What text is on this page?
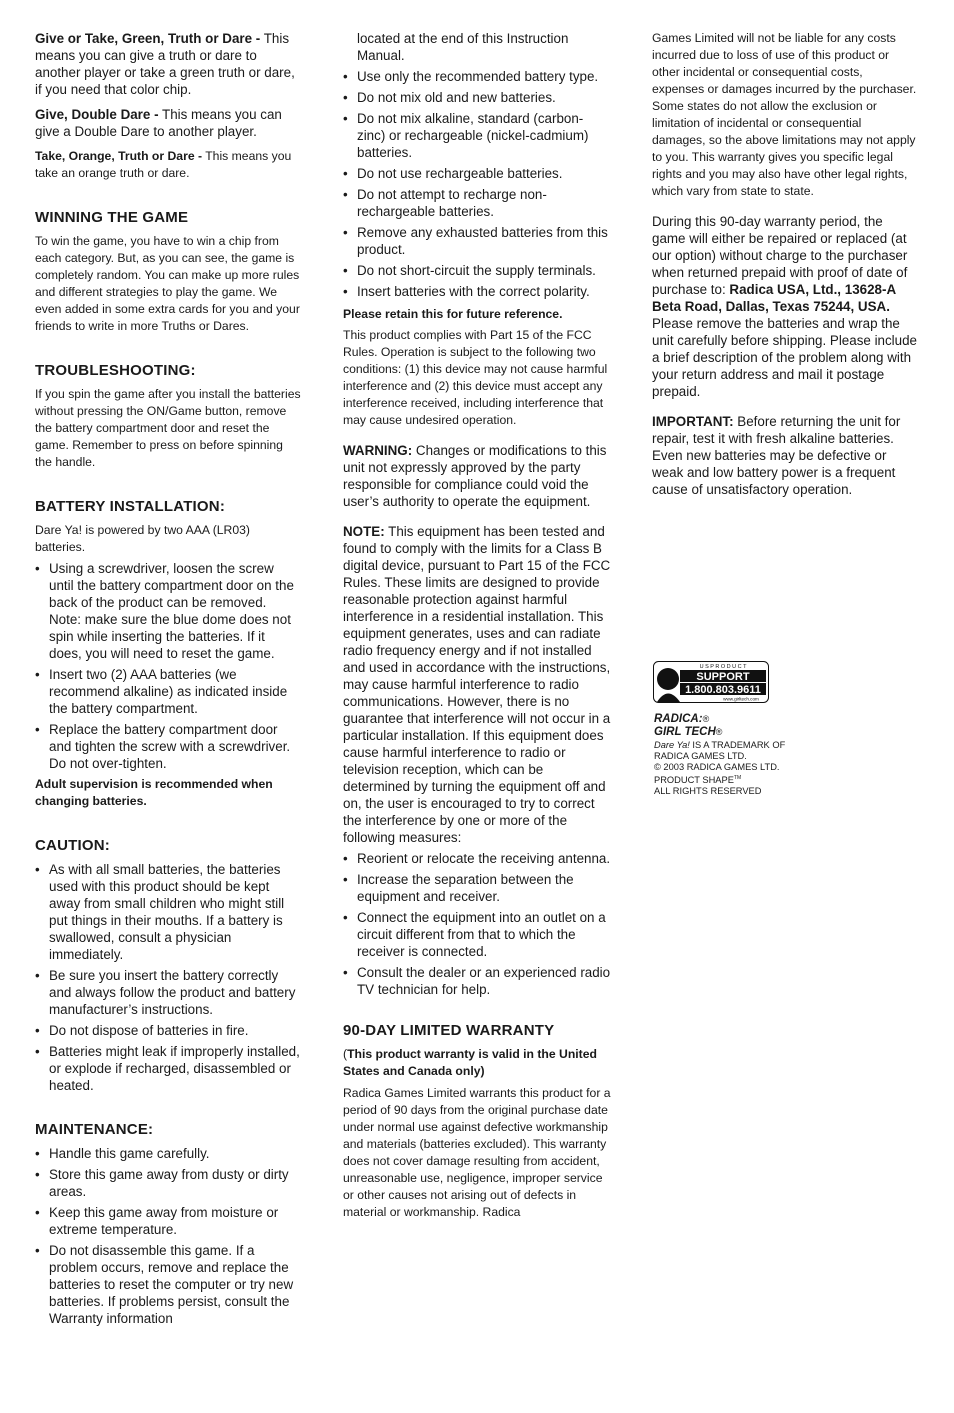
Give or Take, Green, Truth or Dare - This means you can give a truth or dare to another player or take a green truth or dare, if you need that color chip.

Give, Double Dare - This means you can give a Double Dare to another player.

Take, Orange, Truth or Dare - This means you take an orange truth or dare.

WINNING THE GAME

To win the game, you have to win a chip from each category. But, as you can see, the game is completely random. You can make up more rules and different strategies to play the game. We even added in some extra cards for you and your friends to write in more Truths or Dares.

TROUBLESHOOTING:

If you spin the game after you install the batteries without pressing the ON/Game button, remove the battery compartment door and reset the game. Remember to press on before spinning the handle.

BATTERY INSTALLATION:

Dare Ya! is powered by two AAA (LR03) batteries.

• Using a screwdriver, loosen the screw until the battery compartment door on the back of the product can be removed. Note: make sure the blue dome does not spin while inserting the batteries. If it does, you will need to reset the game.
• Insert two (2) AAA batteries (we recommend alkaline) as indicated inside the battery compartment.
• Replace the battery compartment door and tighten the screw with a screwdriver. Do not over-tighten.

Adult supervision is recommended when changing batteries.

CAUTION:
• As with all small batteries, the batteries used with this product should be kept away from small children who might still put things in their mouths. If a battery is swallowed, consult a physician immediately.
• Be sure you insert the battery correctly and always follow the product and battery manufacturer’s instructions.
• Do not dispose of batteries in fire.
• Batteries might leak if improperly installed, or explode if recharged, disassembled or heated.
MAINTENANCE:
• Handle this game carefully.
• Store this game away from dusty or dirty areas.
• Keep this game away from moisture or extreme temperature.
• Do not disassemble this game. If a problem occurs, remove and replace the batteries to reset the computer or try new batteries. If problems persist, consult the Warranty information

located at the end of this Instruction Manual.

• Use only the recommended battery type.
• Do not mix old and new batteries.
• Do not mix alkaline, standard (carbon-zinc) or rechargeable (nickel-cadmium) batteries.
• Do not use rechargeable batteries.
• Do not attempt to recharge non-rechargeable batteries.
• Remove any exhausted batteries from this product.
• Do not short-circuit the supply terminals.
• Insert batteries with the correct polarity.

Please retain this for future reference.

This product complies with Part 15 of the FCC Rules. Operation is subject to the following two conditions: (1) this device may not cause harmful interference and (2) this device must accept any interference received, including interference that may cause undesired operation.

WARNING: Changes or modifications to this unit not expressly approved by the party responsible for compliance could void the user’s authority to operate the equipment.

NOTE: This equipment has been tested and found to comply with the limits for a Class B digital device, pursuant to Part 15 of the FCC Rules. These limits are designed to provide reasonable protection against harmful interference in a residential installation. This equipment generates, uses and can radiate radio frequency energy and if not installed and used in accordance with the instructions, may cause harmful interference to radio communications. However, there is no guarantee that interference will not occur in a particular installation. If this equipment does cause harmful interference to radio or television reception, which can be determined by turning the equipment off and on, the user is encouraged to try to correct the interference by one or more of the following measures:

• Reorient or relocate the receiving antenna.
• Increase the separation between the equipment and receiver.
• Connect the equipment into an outlet on a circuit different from that to which the receiver is connected.
• Consult the dealer or an experienced radio TV technician for help.
90-DAY LIMITED WARRANTY

(This product warranty is valid in the United States and Canada only)

Radica Games Limited warrants this product for a period of 90 days from the original purchase date under normal use against defective workmanship and materials (batteries excluded). This warranty does not cover damage resulting from accident, unreasonable use, negligence, improper service or other causes not arising out of defects in material or workmanship. Radica

Games Limited will not be liable for any costs incurred due to loss of use of this product or other incidental or consequential costs, expenses or damages incurred by the purchaser. Some states do not allow the exclusion or limitation of incidental or consequential damages, so the above limitations may not apply to you. This warranty gives you specific legal rights and you may also have other legal rights, which vary from state to state.

During this 90-day warranty period, the game will either be repaired or replaced (at our option) without charge to the purchaser when returned prepaid with proof of date of purchase to: Radica USA, Ltd., 13628-A Beta Road, Dallas, Texas 75244, USA. Please remove the batteries and wrap the unit carefully before shipping. Please include a brief description of the problem along with your return address and mail it postage prepaid.

IMPORTANT: Before returning the unit for repair, test it with fresh alkaline batteries. Even new batteries may be defective or weak and low battery power is a frequent cause of unsatisfactory operation.

U S P R O D U C T
SUPPORT
1.800.803.9611
www.girltech.com
RADICA:®
GIRL TECH®
Dare Ya! IS A TRADEMARK OF
RADICA GAMES LTD.
© 2003 RADICA GAMES LTD.
PRODUCT SHAPE™
ALL RIGHTS RESERVED
